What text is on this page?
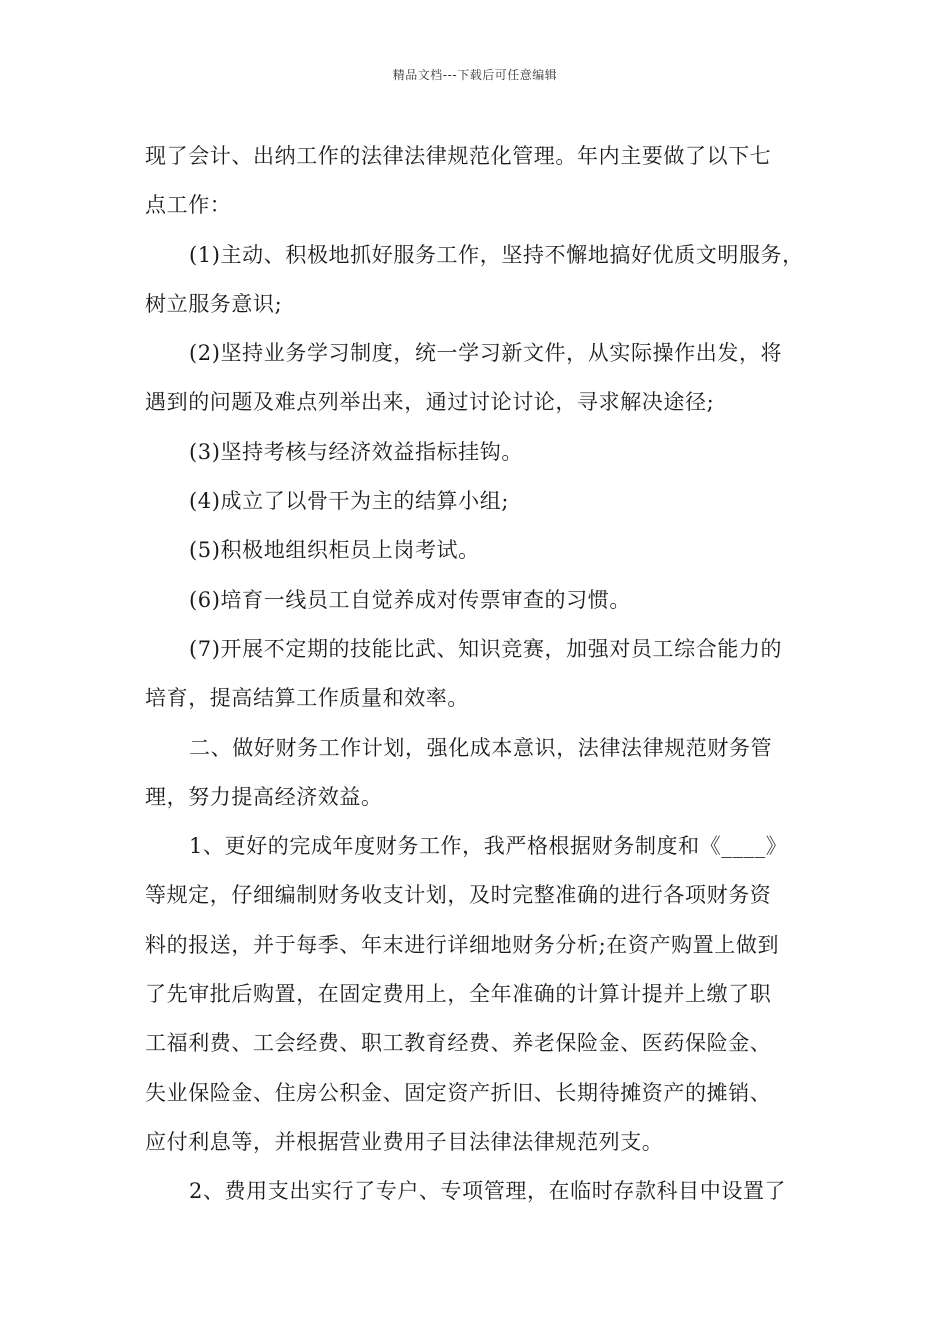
精品文档---下载后可任意编辑
现了会计、出纳工作的法律法律规范化管理。年内主要做了以下七
点工作：
(1)主动、积极地抓好服务工作，坚持不懈地搞好优质文明服务，
树立服务意识;
(2)坚持业务学习制度，统一学习新文件，从实际操作出发，将
遇到的问题及难点列举出来，通过讨论讨论，寻求解决途径;
(3)坚持考核与经济效益指标挂钩。
(4)成立了以骨干为主的结算小组;
(5)积极地组织柜员上岗考试。
(6)培育一线员工自觉养成对传票审查的习惯。
(7)开展不定期的技能比武、知识竞赛，加强对员工综合能力的
培育，提高结算工作质量和效率。
二、做好财务工作计划，强化成本意识，法律法律规范财务管
理，努力提高经济效益。
1、更好的完成年度财务工作，我严格根据财务制度和《____》
等规定，仔细编制财务收支计划，及时完整准确的进行各项财务资
料的报送，并于每季、年末进行详细地财务分析;在资产购置上做到
了先审批后购置，在固定费用上，全年准确的计算计提并上缴了职
工福利费、工会经费、职工教育经费、养老保险金、医药保险金、
失业保险金、住房公积金、固定资产折旧、长期待摊资产的摊销、
应付利息等，并根据营业费用子目法律法律规范列支。
2、费用支出实行了专户、专项管理，在临时存款科目中设置了
